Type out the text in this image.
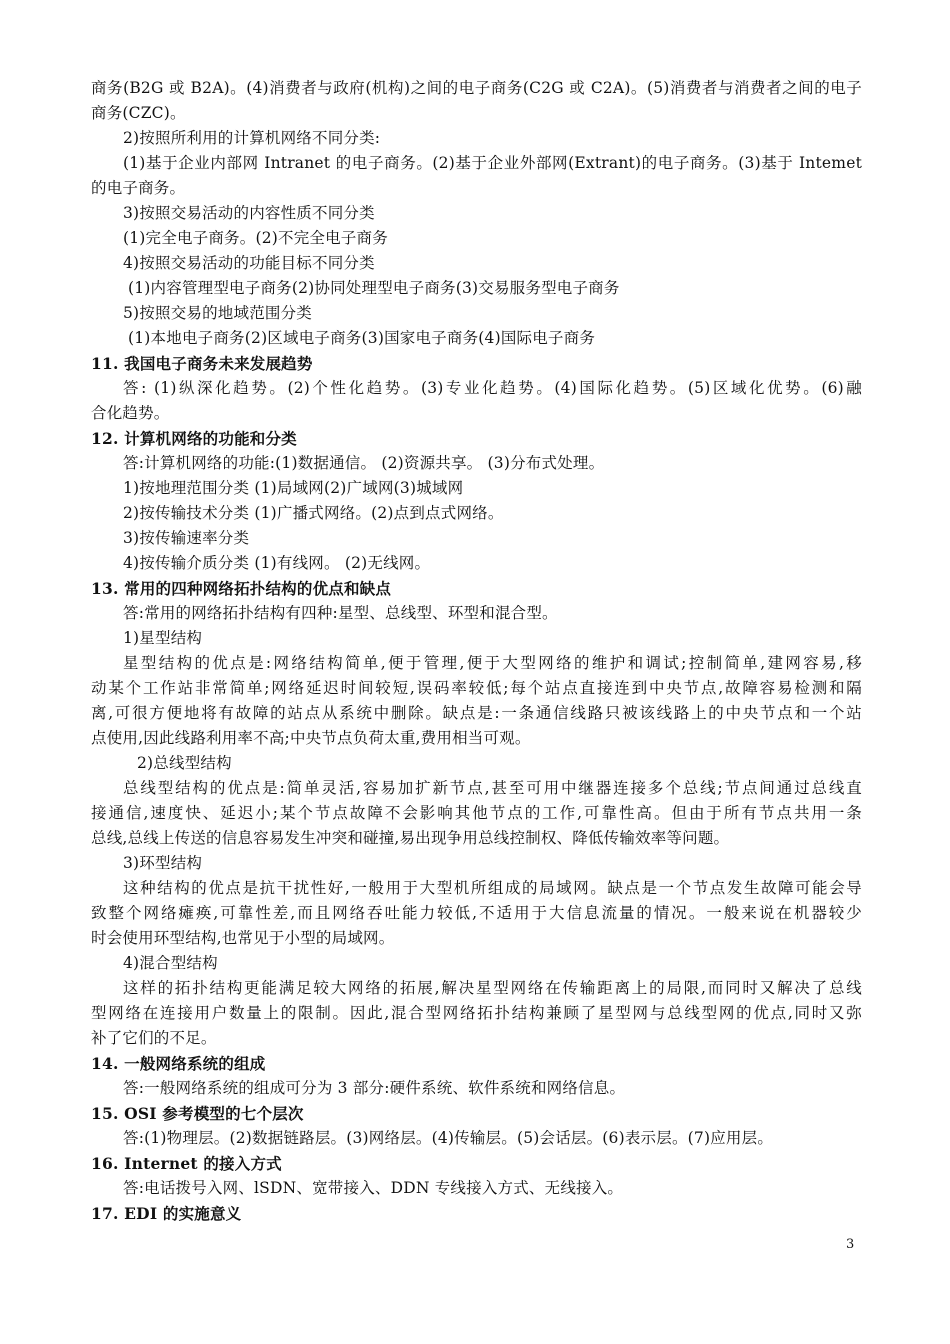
商务(B2G 或 B2A)。(4)消费者与政府(机构)之间的电子商务(C2G 或 C2A)。(5)消费者与消费者之间的电子
商务(CZC)。
2)按照所利用的计算机网络不同分类:
(1)基于企业内部网 Intranet 的电子商务。(2)基于企业外部网(Extrant)的电子商务。(3)基于 Intemet
的电子商务。
3)按照交易活动的内容性质不同分类
(1)完全电子商务。(2)不完全电子商务
4)按照交易活动的功能目标不同分类
(1)内容管理型电子商务(2)协同处理型电子商务(3)交易服务型电子商务
5)按照交易的地域范围分类
(1)本地电子商务(2)区域电子商务(3)国家电子商务(4)国际电子商务
11. 我国电子商务未来发展趋势
答: (1)纵深化趋势。(2)个性化趋势。(3)专业化趋势。(4)国际化趋势。(5)区域化优势。(6)融
合化趋势。
12. 计算机网络的功能和分类
答:计算机网络的功能:(1)数据通信。 (2)资源共享。 (3)分布式处理。
1)按地理范围分类 (1)局域网(2)广域网(3)城域网
2)按传输技术分类 (1)广播式网络。(2)点到点式网络。
3)按传输速率分类
4)按传输介质分类 (1)有线网。 (2)无线网。
13. 常用的四种网络拓扑结构的优点和缺点
答:常用的网络拓扑结构有四种:星型、总线型、环型和混合型。
1)星型结构
星型结构的优点是:网络结构简单,便于管理,便于大型网络的维护和调试;控制简单,建网容易,移
动某个工作站非常简单;网络延迟时间较短,误码率较低;每个站点直接连到中央节点,故障容易检测和隔
离,可很方便地将有故障的站点从系统中删除。缺点是:一条通信线路只被该线路上的中央节点和一个站
点使用,因此线路利用率不高;中央节点负荷太重,费用相当可观。
2)总线型结构
总线型结构的优点是:简单灵活,容易加扩新节点,甚至可用中继器连接多个总线;节点间通过总线直
接通信,速度快、延迟小;某个节点故障不会影响其他节点的工作,可靠性高。但由于所有节点共用一条
总线,总线上传送的信息容易发生冲突和碰撞,易出现争用总线控制权、降低传输效率等问题。
3)环型结构
这种结构的优点是抗干扰性好,一般用于大型机所组成的局域网。缺点是一个节点发生故障可能会导
致整个网络瘫痪,可靠性差,而且网络吞吐能力较低,不适用于大信息流量的情况。一般来说在机器较少
时会使用环型结构,也常见于小型的局域网。
4)混合型结构
这样的拓扑结构更能满足较大网络的拓展,解决星型网络在传输距离上的局限,而同时又解决了总线
型网络在连接用户数量上的限制。因此,混合型网络拓扑结构兼顾了星型网与总线型网的优点,同时又弥
补了它们的不足。
14. 一般网络系统的组成
答:一般网络系统的组成可分为 3 部分:硬件系统、软件系统和网络信息。
15. OSI 参考模型的七个层次
答:(1)物理层。(2)数据链路层。(3)网络层。(4)传输层。(5)会话层。(6)表示层。(7)应用层。
16. Internet 的接入方式
答:电话拨号入网、lSDN、宽带接入、DDN 专线接入方式、无线接入。
17. EDI 的实施意义
3
